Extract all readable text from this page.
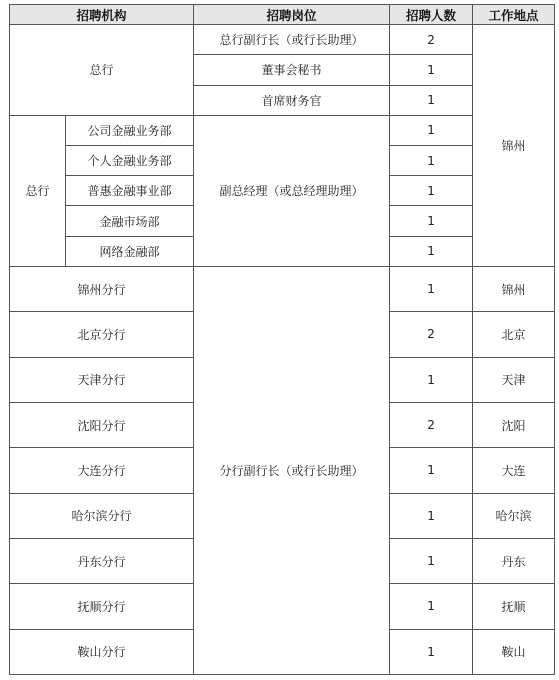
招聘机构		招聘岗位	招聘人数	工作地点
总行		总行副行长（或行长助理）	2	锦州
		董事会秘书	1	
		首席财务官	1	
总行	公司金融业务部	副总经理（或总经理助理）	1	
	个人金融业务部		1	
	普惠金融事业部		1	
	金融市场部		1	
	网络金融部		1	
锦州分行		分行副行长（或行长助理）	1	锦州
北京分行			2	北京
天津分行			1	天津
沈阳分行			2	沈阳
大连分行			1	大连
哈尔滨分行			1	哈尔滨
丹东分行			1	丹东
抚顺分行			1	抚顺
鞍山分行			1	鞍山
